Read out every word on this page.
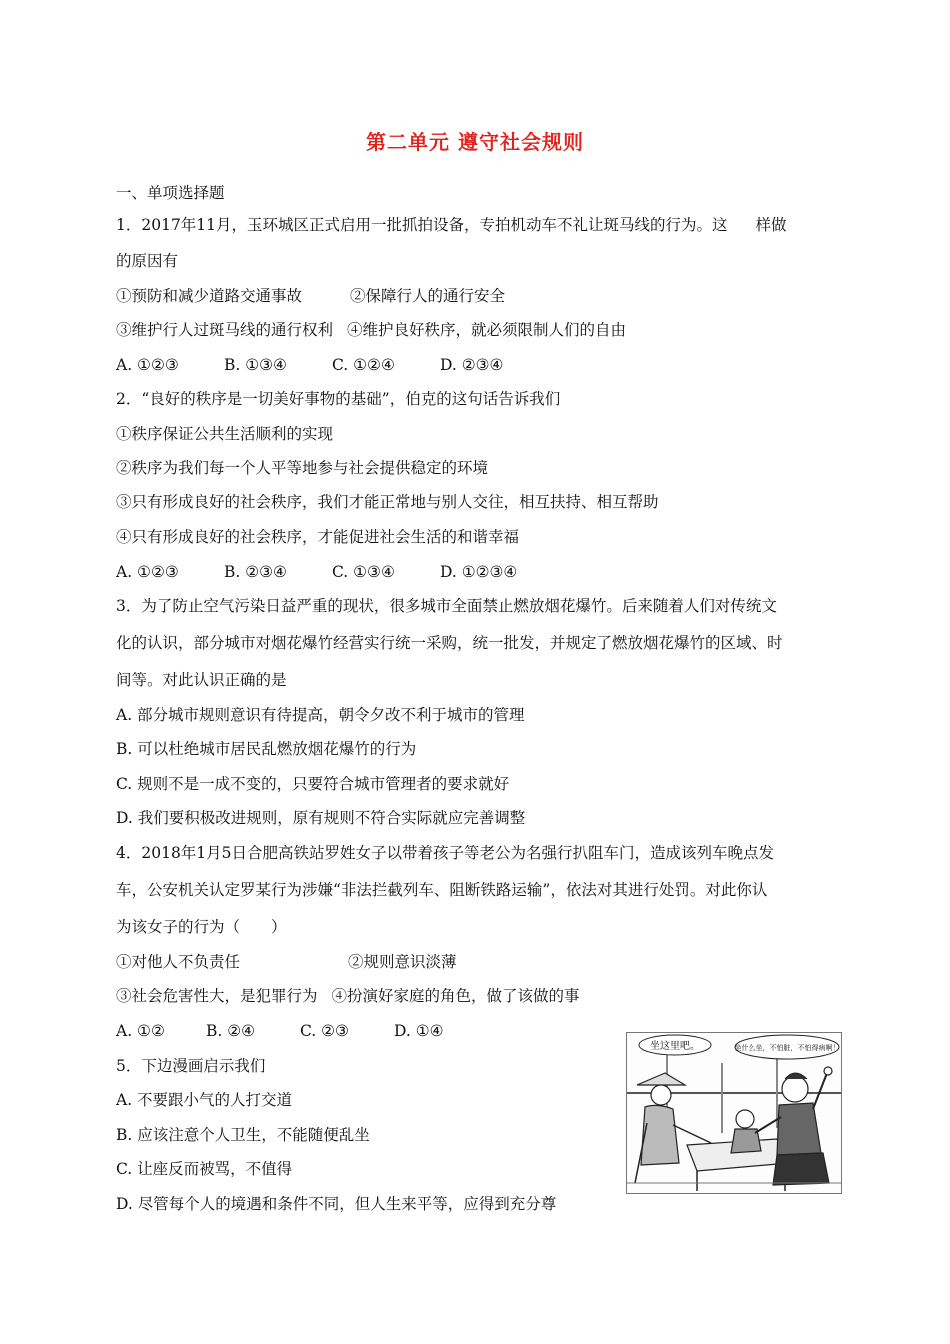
第二单元 遵守社会规则
一、单项选择题
1．2017年11月，玉环城区正式启用一批抓拍设备，专拍机动车不礼让斑马线的行为。这 样做
的原因有
①预防和减少道路交通事故	②保障行人的通行安全
③维护行人过斑马线的通行权利 ④维护良好秩序，就必须限制人们的自由
A. ①②③	B. ①③④	C. ①②④	D. ②③④
2．“良好的秩序是一切美好事物的基础”，伯克的这句话告诉我们
①秩序保证公共生活顺利的实现
②秩序为我们每一个人平等地参与社会提供稳定的环境
③只有形成良好的社会秩序，我们才能正常地与别人交往，相互扶持、相互帮助
④只有形成良好的社会秩序，才能促进社会生活的和谐幸福
A. ①②③	B. ②③④	C. ①③④	D. ①②③④
3．为了防止空气污染日益严重的现状，很多城市全面禁止燃放烟花爆竹。后来随着人们对传统文
化的认识，部分城市对烟花爆竹经营实行统一采购，统一批发，并规定了燃放烟花爆竹的区域、时
间等。对此认识正确的是
A. 部分城市规则意识有待提高，朝令夕改不利于城市的管理
B. 可以杜绝城市居民乱燃放烟花爆竹的行为
C. 规则不是一成不变的，只要符合城市管理者的要求就好
D. 我们要积极改进规则，原有规则不符合实际就应完善调整
4．2018年1月5日合肥高铁站罗姓女子以带着孩子等老公为名强行扒阻车门，造成该列车晚点发
车，公安机关认定罗某行为涉嫌“非法拦截列车、阻断铁路运输”，依法对其进行处罚。对此你认
为该女子的行为（　　）
①对他人不负责任	②规则意识淡薄
③社会危害性大，是犯罪行为 ④扮演好家庭的角色，做了该做的事
A. ①②	B. ②④	C. ②③	D. ①④
5．下边漫画启示我们
A. 不要跟小气的人打交道
B. 应该注意个人卫生，不能随便乱坐
C. 让座反而被骂，不值得
D. 尽管每个人的境遇和条件不同，但人生来平等，应得到充分尊
坐这里吧。	坐什么坐，不怕脏，不怕得病啊！
